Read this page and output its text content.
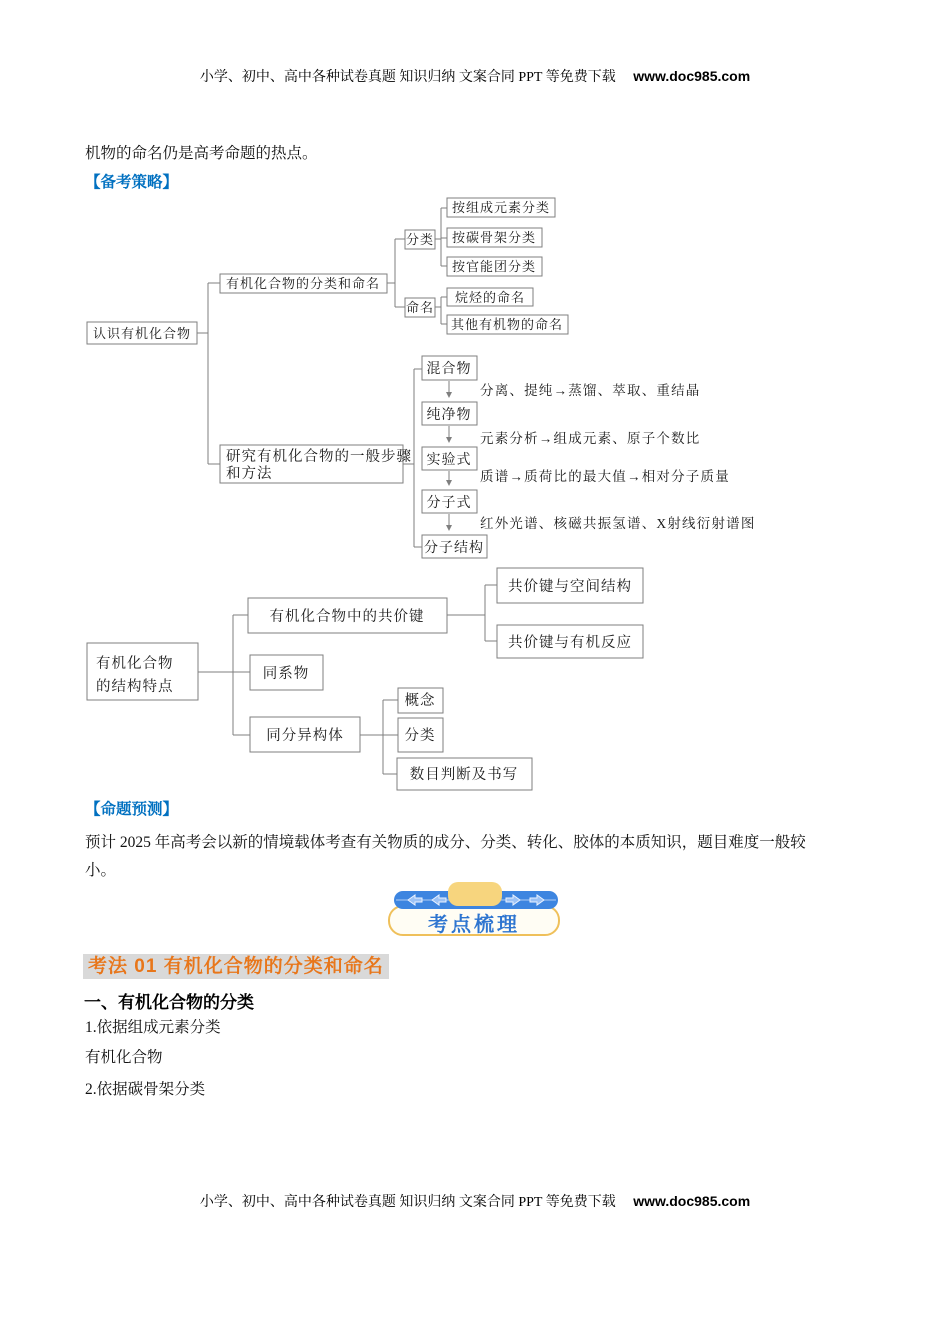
小学、初中、高中各种试卷真题 知识归纳 文案合同 PPT 等免费下载 www.doc985.com
机物的命名仍是高考命题的热点。
【备考策略】
认识有机化合物
有机化合物的分类和命名
分类
按组成元素分类
按碳骨架分类
按官能团分类
命名
烷烃的命名
其他有机物的命名
研究有机化合物的一般步骤
和方法
混合物
纯净物
实验式
分子式
分子结构
分离、提纯→蒸馏、萃取、重结晶
元素分析→组成元素、原子个数比
质谱→质荷比的最大值→相对分子质量
红外光谱、核磁共振氢谱、X射线衍射谱图
有机化合物
的结构特点
有机化合物中的共价键
共价键与空间结构
共价键与有机反应
同系物
同分异构体
概念
分类
数目判断及书写
【命题预测】
预计 2025 年高考会以新的情境载体考查有关物质的成分、分类、转化、胶体的本质知识，题目难度一般较
小。
考点梳理
考法 01 有机化合物的分类和命名
一、有机化合物的分类
1.依据组成元素分类
有机化合物
2.依据碳骨架分类
小学、初中、高中各种试卷真题 知识归纳 文案合同 PPT 等免费下载 www.doc985.com
